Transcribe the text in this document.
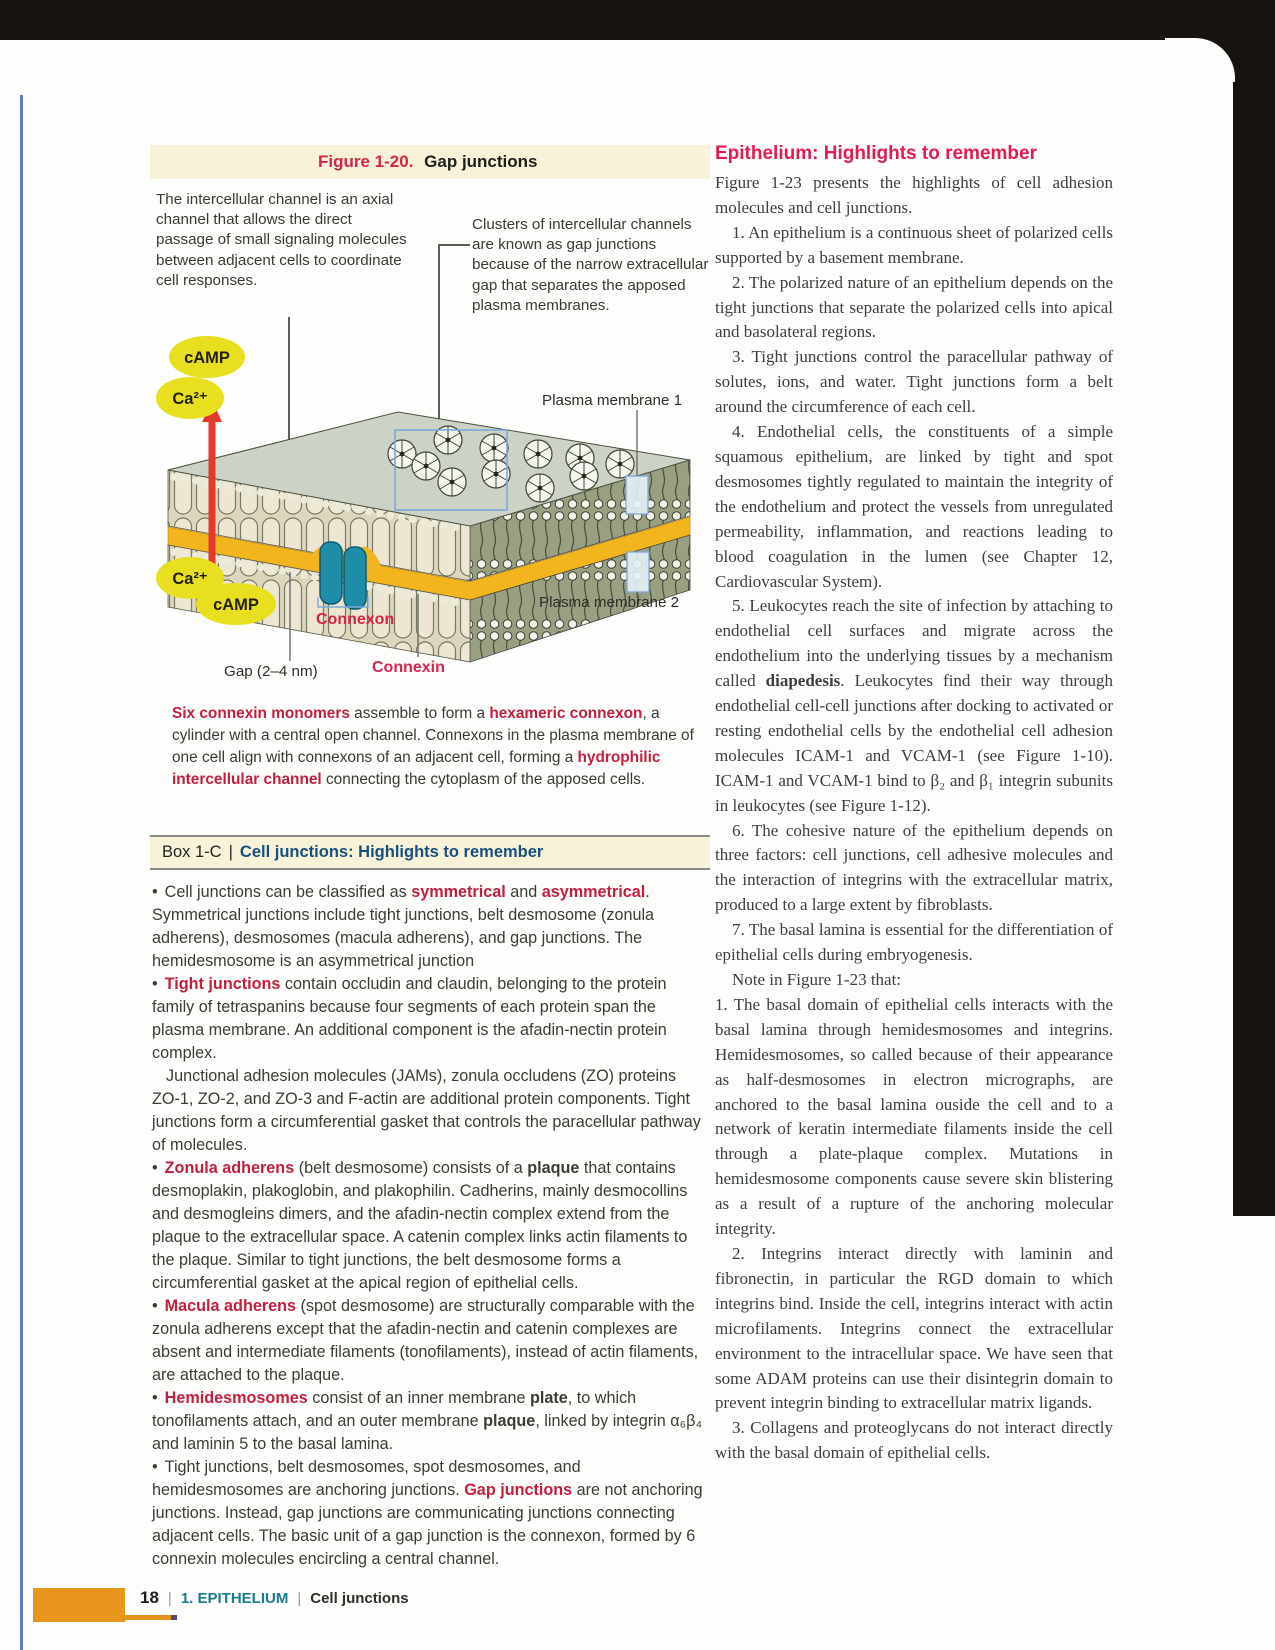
Figure 1-20. Gap junctions
The intercellular channel is an axial channel that allows the direct passage of small signaling molecules between adjacent cells to coordinate cell responses.
Clusters of intercellular channels are known as gap junctions because of the narrow extracellular gap that separates the apposed plasma membranes.
cAMP
Ca²⁺
Ca²⁺
cAMP
Plasma membrane 1
Plasma membrane 2
Connexon
Connexin
Gap (2–4 nm)
Six connexin monomers assemble to form a hexameric connexon, a cylinder with a central open channel. Connexons in the plasma membrane of one cell align with connexons of an adjacent cell, forming a hydrophilic intercellular channel connecting the cytoplasm of the apposed cells.
Box 1-C | Cell junctions: Highlights to remember

• Cell junctions can be classified as symmetrical and asymmetrical. Symmetrical junctions include tight junctions, belt desmosome (zonula adherens), desmosomes (macula adherens), and gap junctions. The hemidesmosome is an asymmetrical junction

• Tight junctions contain occludin and claudin, belonging to the protein family of tetraspanins because four segments of each protein span the plasma membrane. An additional component is the afadin-nectin protein complex.

Junctional adhesion molecules (JAMs), zonula occludens (ZO) proteins ZO-1, ZO-2, and ZO-3 and F-actin are additional protein components. Tight junctions form a circumferential gasket that controls the paracellular pathway of molecules.

• Zonula adherens (belt desmosome) consists of a plaque that contains desmoplakin, plakoglobin, and plakophilin. Cadherins, mainly desmocollins and desmogleins dimers, and the afadin-nectin complex extend from the plaque to the extracellular space. A catenin complex links actin filaments to the plaque. Similar to tight junctions, the belt desmosome forms a circumferential gasket at the apical region of epithelial cells.

• Macula adherens (spot desmosome) are structurally comparable with the zonula adherens except that the afadin-nectin and catenin complexes are absent and intermediate filaments (tonofilaments), instead of actin filaments, are attached to the plaque.

• Hemidesmosomes consist of an inner membrane plate, to which tonofilaments attach, and an outer membrane plaque, linked by integrin α₆β₄ and laminin 5 to the basal lamina.

• Tight junctions, belt desmosomes, spot desmosomes, and hemidesmosomes are anchoring junctions. Gap junctions are not anchoring junctions. Instead, gap junctions are communicating junctions connecting adjacent cells. The basic unit of a gap junction is the connexon, formed by 6 connexin molecules encircling a central channel.

Epithelium: Highlights to remember

Figure 1-23 presents the highlights of cell adhesion molecules and cell junctions.

1. An epithelium is a continuous sheet of polarized cells supported by a basement membrane.

2. The polarized nature of an epithelium depends on the tight junctions that separate the polarized cells into apical and basolateral regions.

3. Tight junctions control the paracellular pathway of solutes, ions, and water. Tight junctions form a belt around the circumference of each cell.

4. Endothelial cells, the constituents of a simple squamous epithelium, are linked by tight and spot desmosomes tightly regulated to maintain the integrity of the endothelium and protect the vessels from unregulated permeability, inflammation, and reactions leading to blood coagulation in the lumen (see Chapter 12, Cardiovascular System).

5. Leukocytes reach the site of infection by attaching to endothelial cell surfaces and migrate across the endothelium into the underlying tissues by a mechanism called diapedesis. Leukocytes find their way through endothelial cell-cell junctions after docking to activated or resting endothelial cells by the endothelial cell adhesion molecules ICAM-1 and VCAM-1 (see Figure 1-10). ICAM-1 and VCAM-1 bind to β₂ and β₁ integrin subunits in leukocytes (see Figure 1-12).

6. The cohesive nature of the epithelium depends on three factors: cell junctions, cell adhesive molecules and the interaction of integrins with the extracellular matrix, produced to a large extent by fibroblasts.

7. The basal lamina is essential for the differentiation of epithelial cells during embryogenesis.

Note in Figure 1-23 that:

1. The basal domain of epithelial cells interacts with the basal lamina through hemidesmosomes and integrins. Hemidesmosomes, so called because of their appearance as half-desmosomes in electron micrographs, are anchored to the basal lamina ouside the cell and to a network of keratin intermediate filaments inside the cell through a plate-plaque complex. Mutations in hemidesmosome components cause severe skin blistering as a result of a rupture of the anchoring molecular integrity.

2. Integrins interact directly with laminin and fibronectin, in particular the RGD domain to which integrins bind. Inside the cell, integrins interact with actin microfilaments. Integrins connect the extracellular environment to the intracellular space. We have seen that some ADAM proteins can use their disintegrin domain to prevent integrin binding to extracellular matrix ligands.

3. Collagens and proteoglycans do not interact directly with the basal domain of epithelial cells.

18 | 1. EPITHELIUM | Cell junctions
